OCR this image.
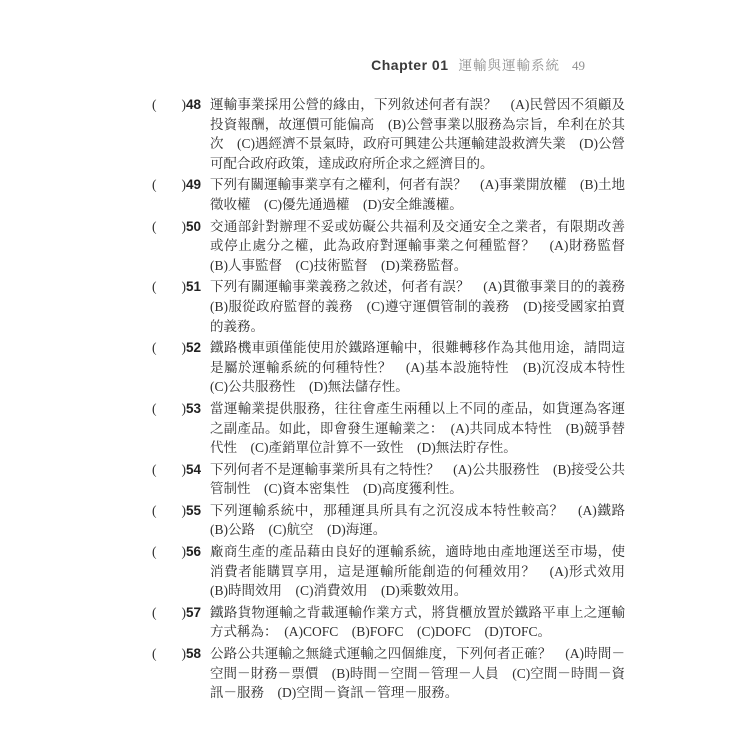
Chapter 01 運輸與運輸系統 49
( ) 48 運輸事業採用公營的緣由，下列敘述何者有誤？　(A)民營因不須顧及投資報酬，故運價可能偏高　(B)公營事業以服務為宗旨，牟利在於其次　(C)遇經濟不景氣時，政府可興建公共運輸建設救濟失業　(D)公營可配合政府政策，達成政府所企求之經濟目的。
( ) 49 下列有關運輸事業享有之權利，何者有誤？　(A)事業開放權　(B)土地徵收權　(C)優先通過權　(D)安全維護權。
( ) 50 交通部針對辦理不妥或妨礙公共福利及交通安全之業者，有限期改善或停止處分之權，此為政府對運輸事業之何種監督？　(A)財務監督　(B)人事監督　(C)技術監督　(D)業務監督。
( ) 51 下列有關運輸事業義務之敘述，何者有誤？　(A)貫徹事業目的的義務　(B)服從政府監督的義務　(C)遵守運價管制的義務　(D)接受國家拍賣的義務。
( ) 52 鐵路機車頭僅能使用於鐵路運輸中，很難轉移作為其他用途，請問這是屬於運輸系統的何種特性？　(A)基本設施特性　(B)沉沒成本特性　(C)公共服務性　(D)無法儲存性。
( ) 53 當運輸業提供服務，往往會產生兩種以上不同的產品，如貨運為客運之副產品。如此，即會發生運輸業之：　(A)共同成本特性　(B)競爭替代性　(C)產銷單位計算不一致性　(D)無法貯存性。
( ) 54 下列何者不是運輸事業所具有之特性？　(A)公共服務性　(B)接受公共管制性　(C)資本密集性　(D)高度獲利性。
( ) 55 下列運輸系統中，那種運具所具有之沉沒成本特性較高？　(A)鐵路　(B)公路　(C)航空　(D)海運。
( ) 56 廠商生產的產品藉由良好的運輸系統，適時地由產地運送至市場，使消費者能購買享用，這是運輸所能創造的何種效用？　(A)形式效用　(B)時間效用　(C)消費效用　(D)乘數效用。
( ) 57 鐵路貨物運輸之背載運輸作業方式，將貨櫃放置於鐵路平車上之運輸方式稱為：　(A)COFC　(B)FOFC　(C)DOFC　(D)TOFC。
( ) 58 公路公共運輸之無縫式運輸之四個維度，下列何者正確？　(A)時間－空間－財務－票價　(B)時間－空間－管理－人員　(C)空間－時間－資訊－服務　(D)空間－資訊－管理－服務。
